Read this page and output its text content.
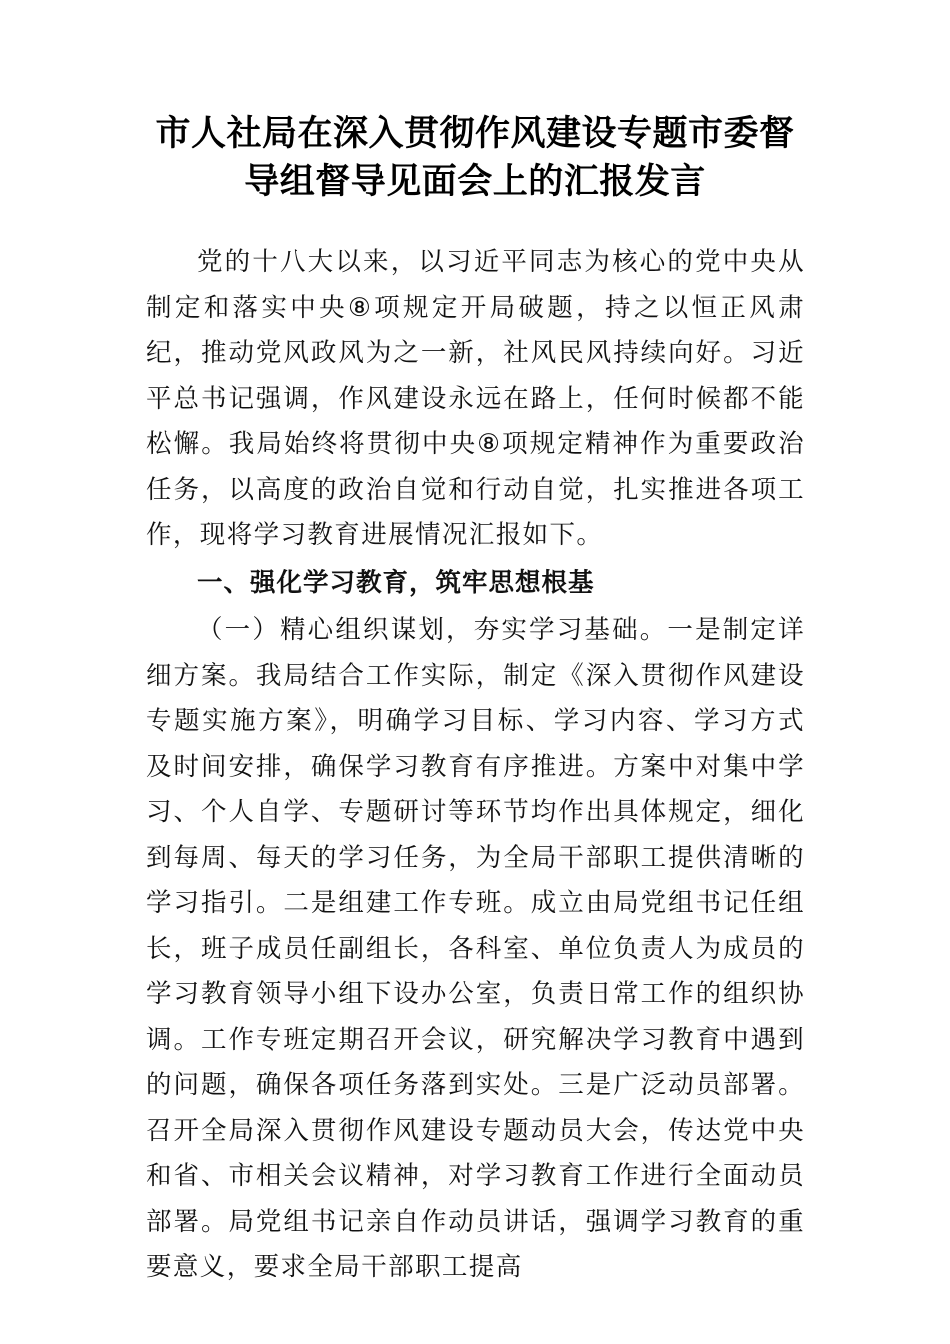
市人社局在深入贯彻作风建设专题市委督
导组督导见面会上的汇报发言

党的十八大以来，以习近平同志为核心的党中央从制定和落实中央⑧项规定开局破题，持之以恒正风肃纪，推动党风政风为之一新，社风民风持续向好。习近平总书记强调，作风建设永远在路上，任何时候都不能松懈。我局始终将贯彻中央⑧项规定精神作为重要政治任务，以高度的政治自觉和行动自觉，扎实推进各项工作，现将学习教育进展情况汇报如下。

一、强化学习教育，筑牢思想根基

（一）精心组织谋划，夯实学习基础。一是制定详细方案。我局结合工作实际，制定《深入贯彻作风建设专题实施方案》，明确学习目标、学习内容、学习方式及时间安排，确保学习教育有序推进。方案中对集中学习、个人自学、专题研讨等环节均作出具体规定，细化到每周、每天的学习任务，为全局干部职工提供清晰的学习指引。二是组建工作专班。成立由局党组书记任组长，班子成员任副组长，各科室、单位负责人为成员的学习教育领导小组下设办公室，负责日常工作的组织协调。工作专班定期召开会议，研究解决学习教育中遇到的问题，确保各项任务落到实处。三是广泛动员部署。召开全局深入贯彻作风建设专题动员大会，传达党中央和省、市相关会议精神，对学习教育工作进行全面动员部署。局党组书记亲自作动员讲话，强调学习教育的重要意义，要求全局干部职工提高
